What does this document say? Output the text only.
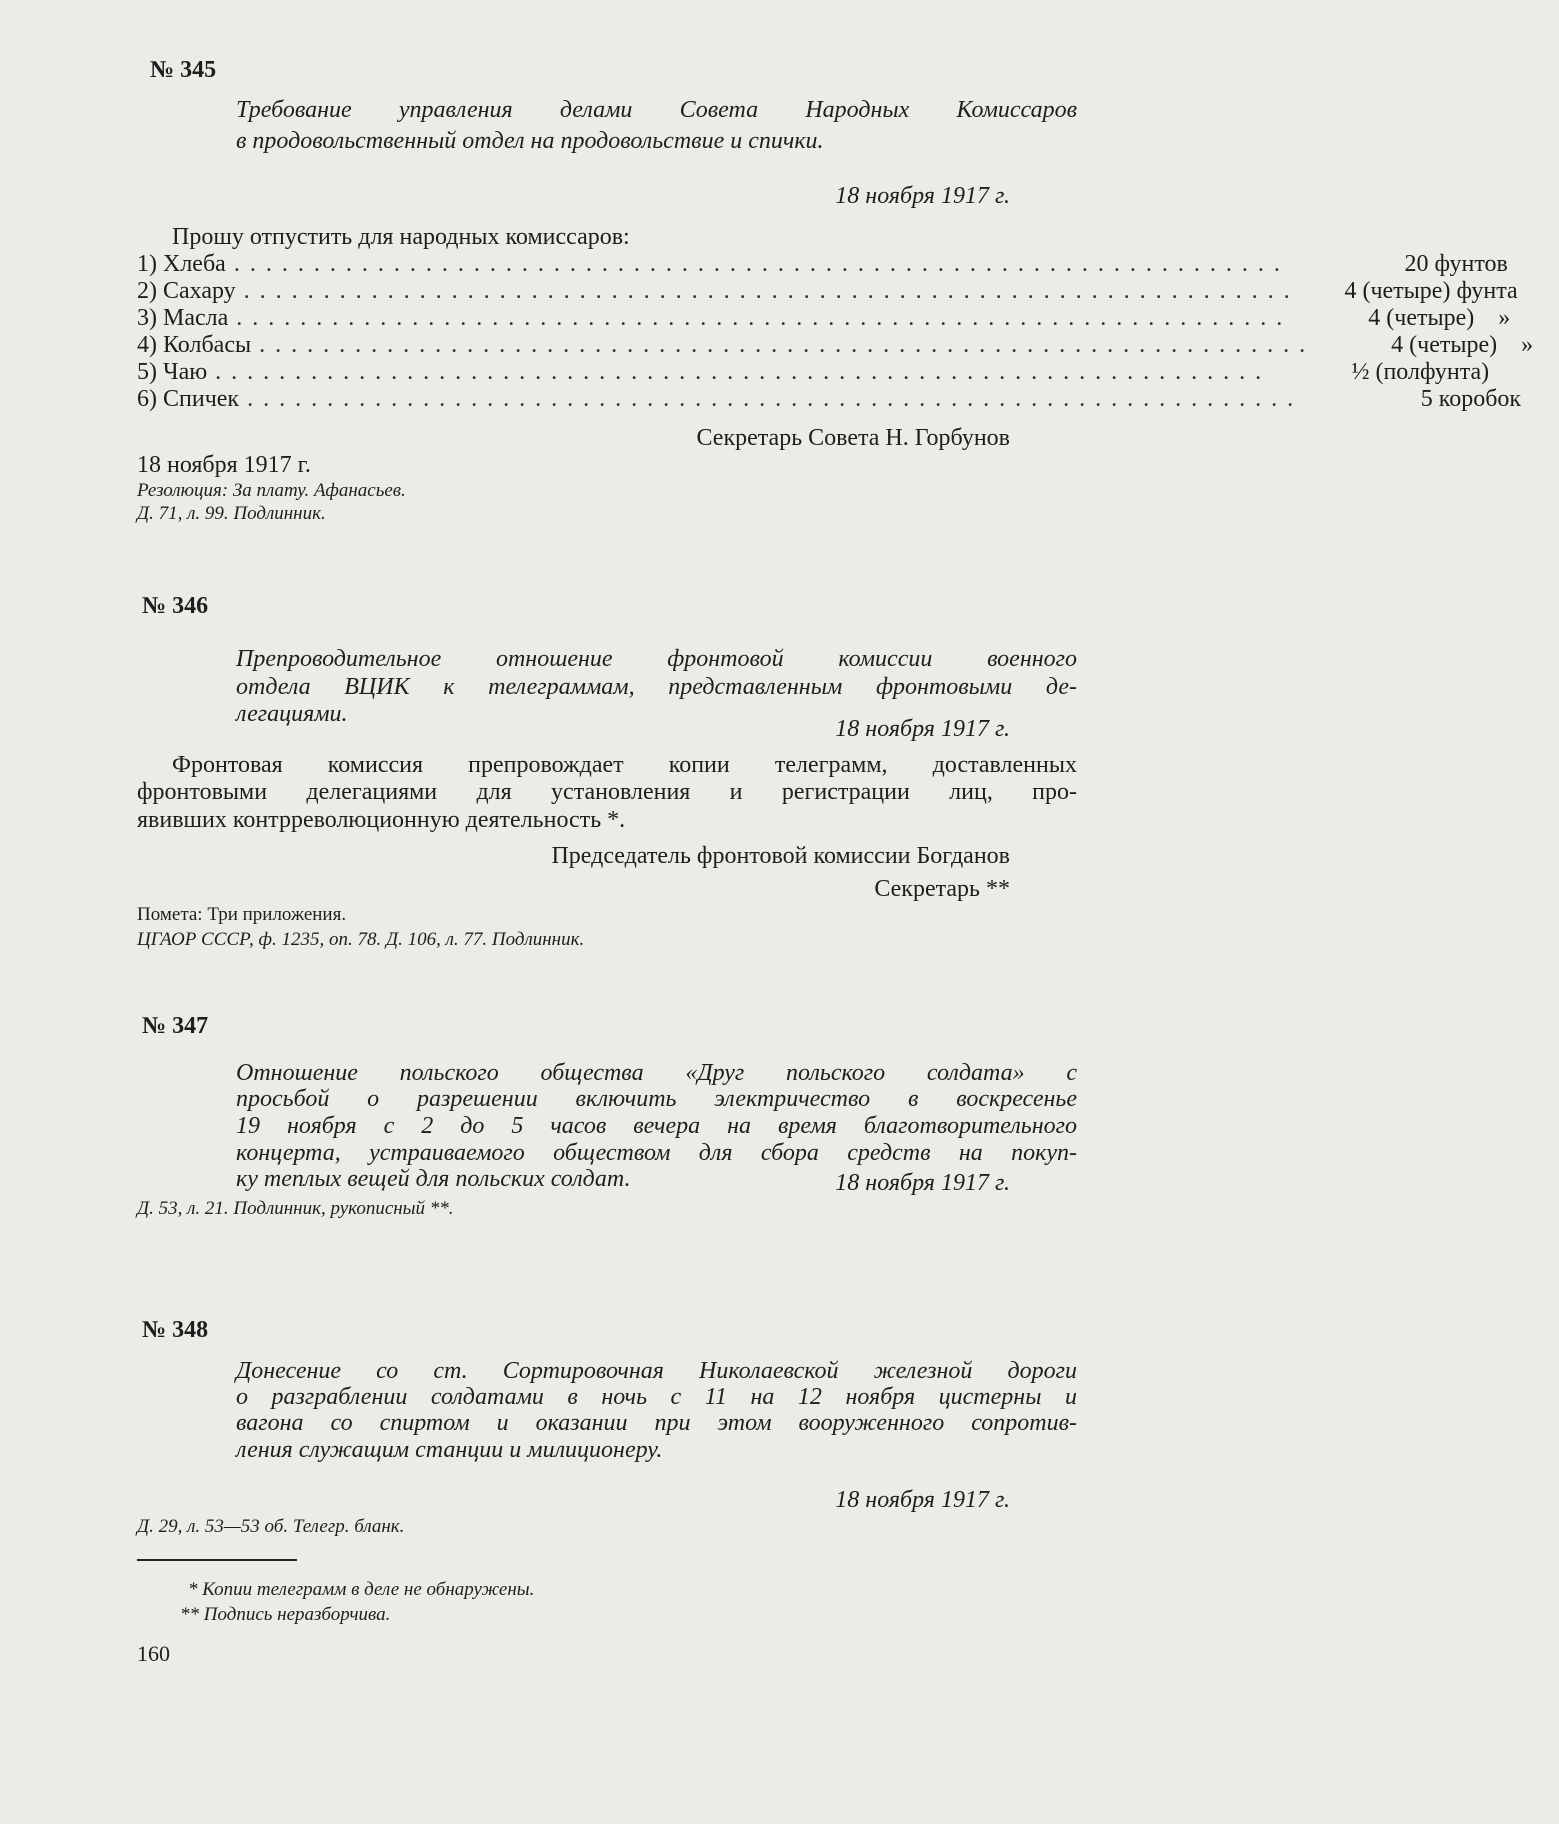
№ 345
Требование управления делами Совета Народных Комиссаров
в продовольственный отдел на продовольствие и спички.
18 ноября 1917 г.
Прошу отпустить для народных комиссаров:
1) Хлеба ..................................................................	20 фунтов
2) Сахару ..................................................................	4 (четыре) фунта
3) Масла ..................................................................	4 (четыре)    »
4) Колбасы ..................................................................	4 (четыре)    »
5) Чаю ..................................................................	½ (полфунта)
6) Спичек ..................................................................	5 коробок
Секретарь Совета Н. Горбунов
18 ноября 1917 г.
Резолюция: За плату. Афанасьев.
Д. 71, л. 99. Подлинник.
№ 346
Препроводительное отношение фронтовой комиссии военного
отдела ВЦИК к телеграммам, представленным фронтовыми де-
легациями.
18 ноября 1917 г.
Фронтовая комиссия препровождает копии телеграмм, доставленных
фронтовыми делегациями для установления и регистрации лиц, про-
явивших контрреволюционную деятельность *.
Председатель фронтовой комиссии Богданов
Секретарь **
Помета: Три приложения.
ЦГАОР СССР, ф. 1235, оп. 78. Д. 106, л. 77. Подлинник.
№ 347
Отношение польского общества «Друг польского солдата» с
просьбой о разрешении включить электричество в воскресенье
19 ноября с 2 до 5 часов вечера на время благотворительного
концерта, устраиваемого обществом для сбора средств на покуп-
ку теплых вещей для польских солдат.	18 ноября 1917 г.
Д. 53, л. 21. Подлинник, рукописный **.
№ 348
Донесение со ст. Сортировочная Николаевской железной дороги
о разграблении солдатами в ночь с 11 на 12 ноября цистерны и
вагона со спиртом и оказании при этом вооруженного сопротив-
ления служащим станции и милиционеру.
18 ноября 1917 г.
Д. 29, л. 53—53 об. Телегр. бланк.
* Копии телеграмм в деле не обнаружены.
** Подпись неразборчива.
160
